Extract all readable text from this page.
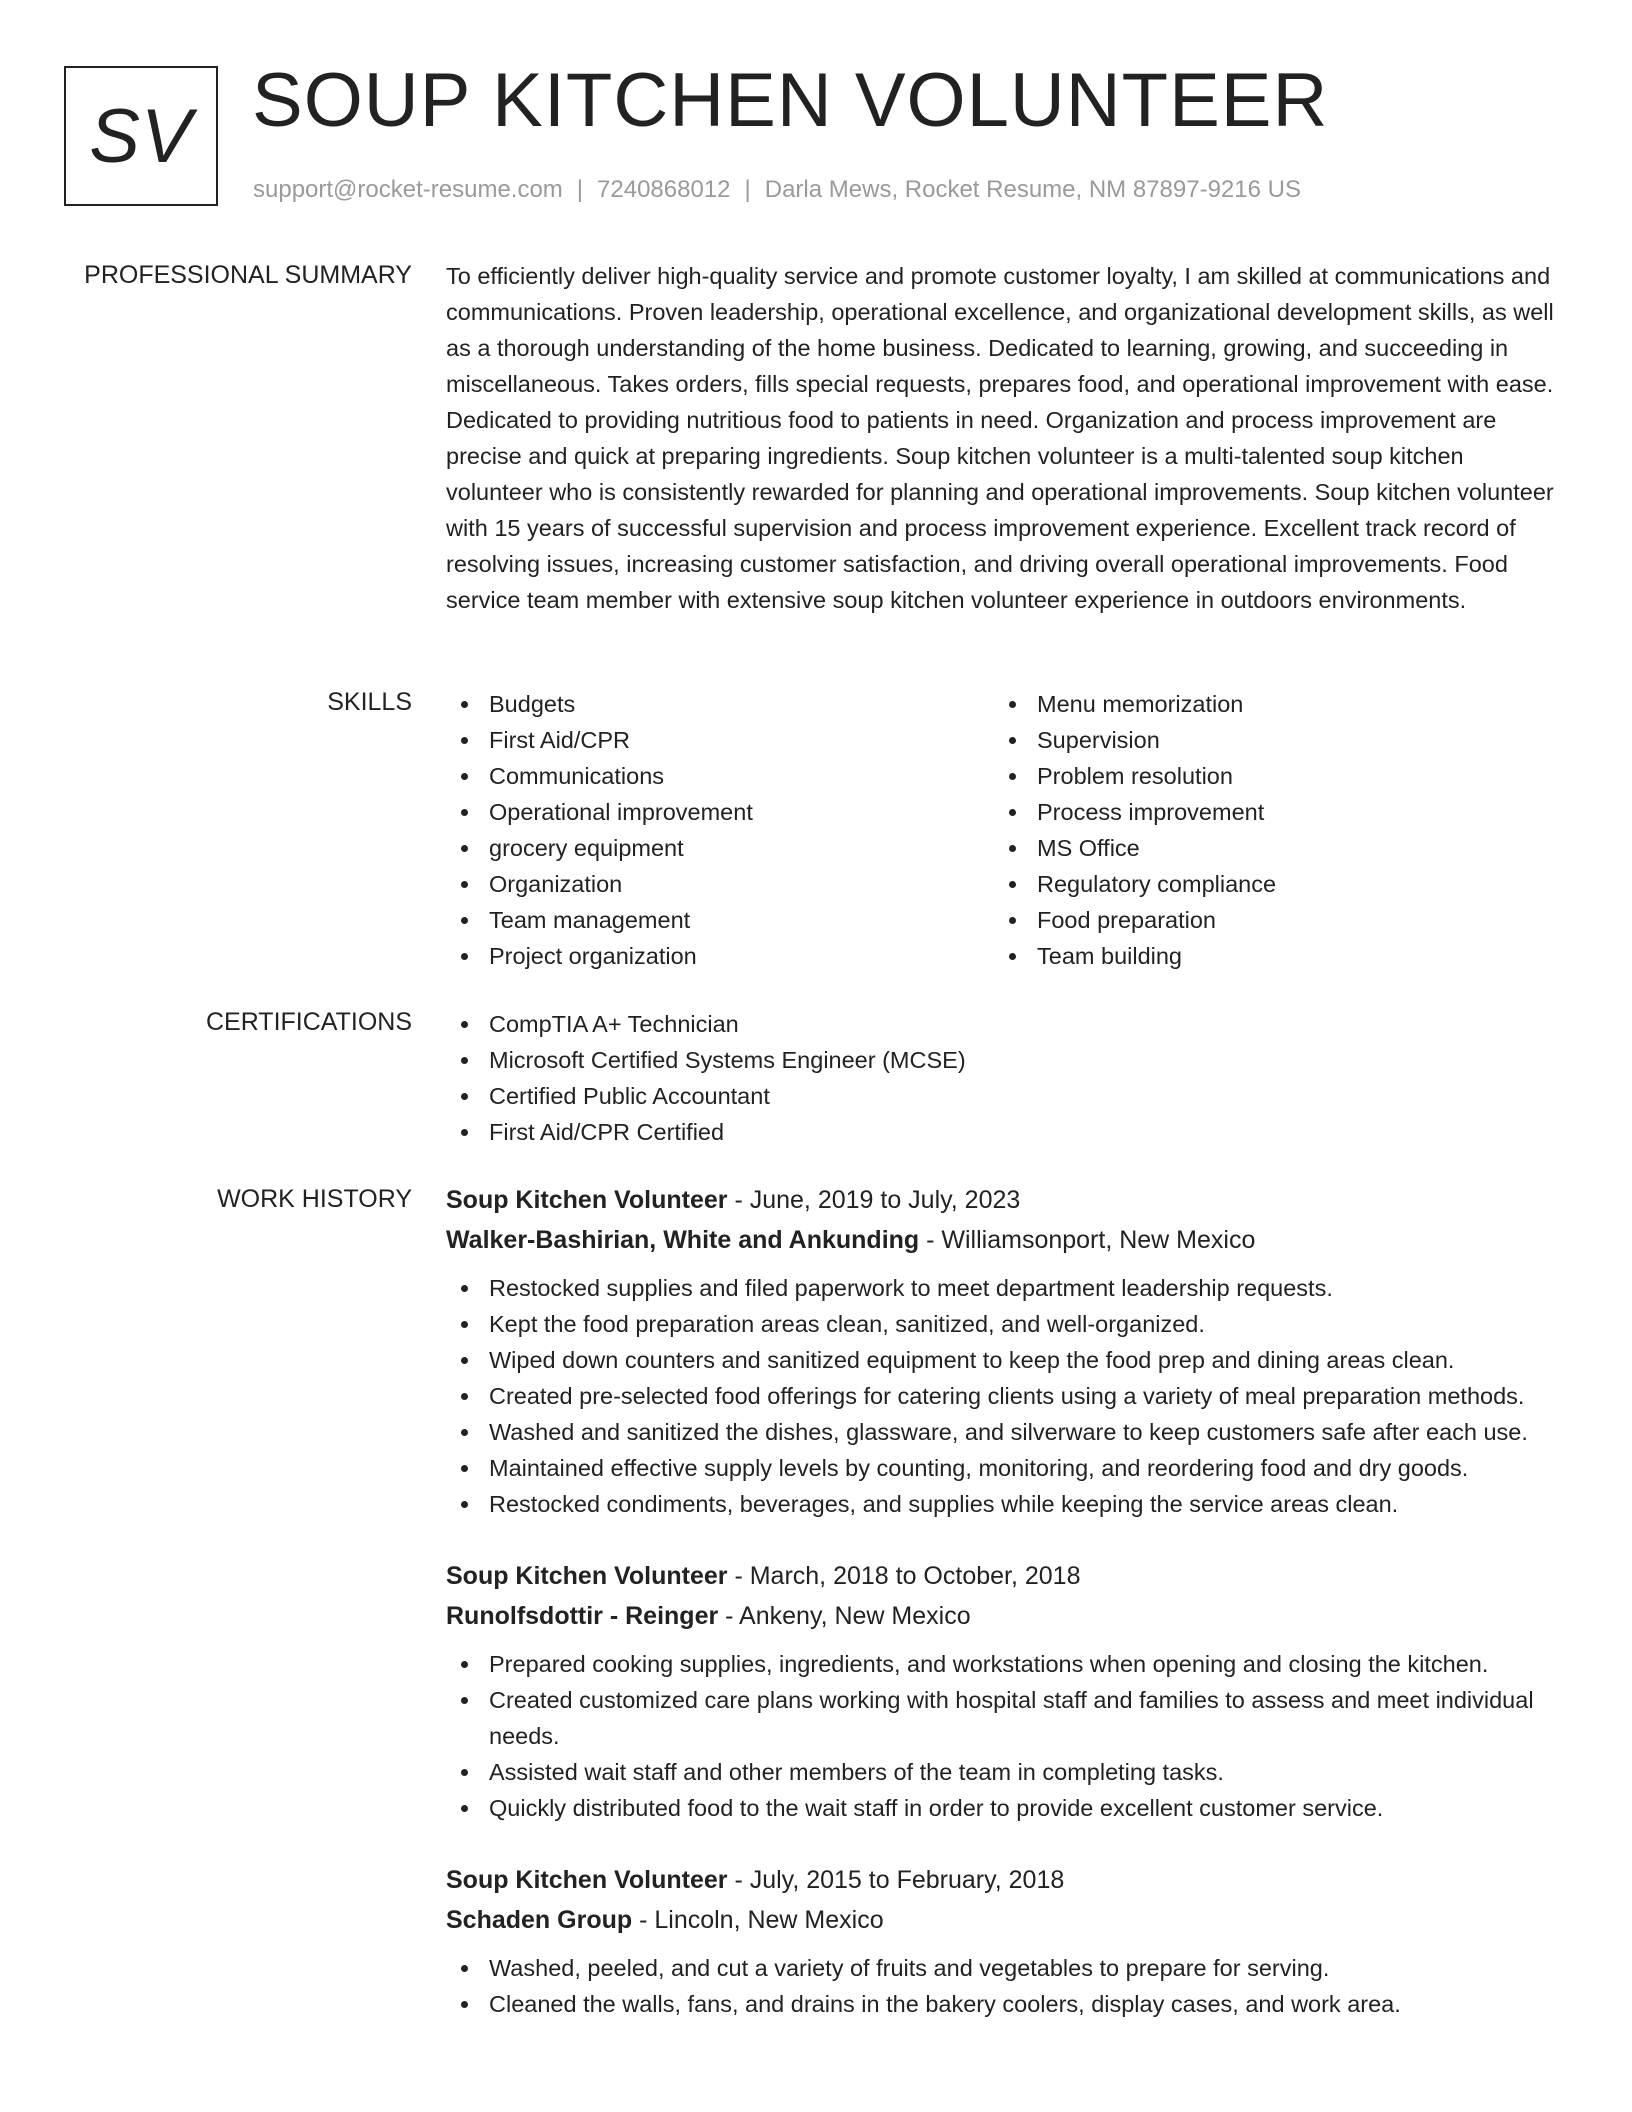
SV SOUP KITCHEN VOLUNTEER
support@rocket-resume.com | 7240868012 | Darla Mews, Rocket Resume, NM 87897-9216 US
PROFESSIONAL SUMMARY To efficiently deliver high-quality service and promote customer loyalty, I am skilled at communications and communications. Proven leadership, operational excellence, and organizational development skills, as well as a thorough understanding of the home business. Dedicated to learning, growing, and succeeding in miscellaneous. Takes orders, fills special requests, prepares food, and operational improvement with ease. Dedicated to providing nutritious food to patients in need. Organization and process improvement are precise and quick at preparing ingredients. Soup kitchen volunteer is a multi-talented soup kitchen volunteer who is consistently rewarded for planning and operational improvements. Soup kitchen volunteer with 15 years of successful supervision and process improvement experience. Excellent track record of resolving issues, increasing customer satisfaction, and driving overall operational improvements. Food service team member with extensive soup kitchen volunteer experience in outdoors environments.
SKILLS	Budgets
First Aid/CPR
Communications
Operational improvement
grocery equipment
Organization
Team management
Project organization
Menu memorization
Supervision
Problem resolution
Process improvement
MS Office
Regulatory compliance
Food preparation
Team building
CERTIFICATIONS	CompTIA A+ Technician
Microsoft Certified Systems Engineer (MCSE)
Certified Public Accountant
First Aid/CPR Certified
WORK HISTORY Soup Kitchen Volunteer - June, 2019 to July, 2023
Walker-Bashirian, White and Ankunding - Williamsonport, New Mexico
Restocked supplies and filed paperwork to meet department leadership requests.
Kept the food preparation areas clean, sanitized, and well-organized.
Wiped down counters and sanitized equipment to keep the food prep and dining areas clean.
Created pre-selected food offerings for catering clients using a variety of meal preparation methods.
Washed and sanitized the dishes, glassware, and silverware to keep customers safe after each use.
Maintained effective supply levels by counting, monitoring, and reordering food and dry goods.
Restocked condiments, beverages, and supplies while keeping the service areas clean.
Soup Kitchen Volunteer - March, 2018 to October, 2018
Runolfsdottir - Reinger - Ankeny, New Mexico
Prepared cooking supplies, ingredients, and workstations when opening and closing the kitchen.
Created customized care plans working with hospital staff and families to assess and meet individual needs.
Assisted wait staff and other members of the team in completing tasks.
Quickly distributed food to the wait staff in order to provide excellent customer service.
Soup Kitchen Volunteer - July, 2015 to February, 2018
Schaden Group - Lincoln, New Mexico
Washed, peeled, and cut a variety of fruits and vegetables to prepare for serving.
Cleaned the walls, fans, and drains in the bakery coolers, display cases, and work area.
